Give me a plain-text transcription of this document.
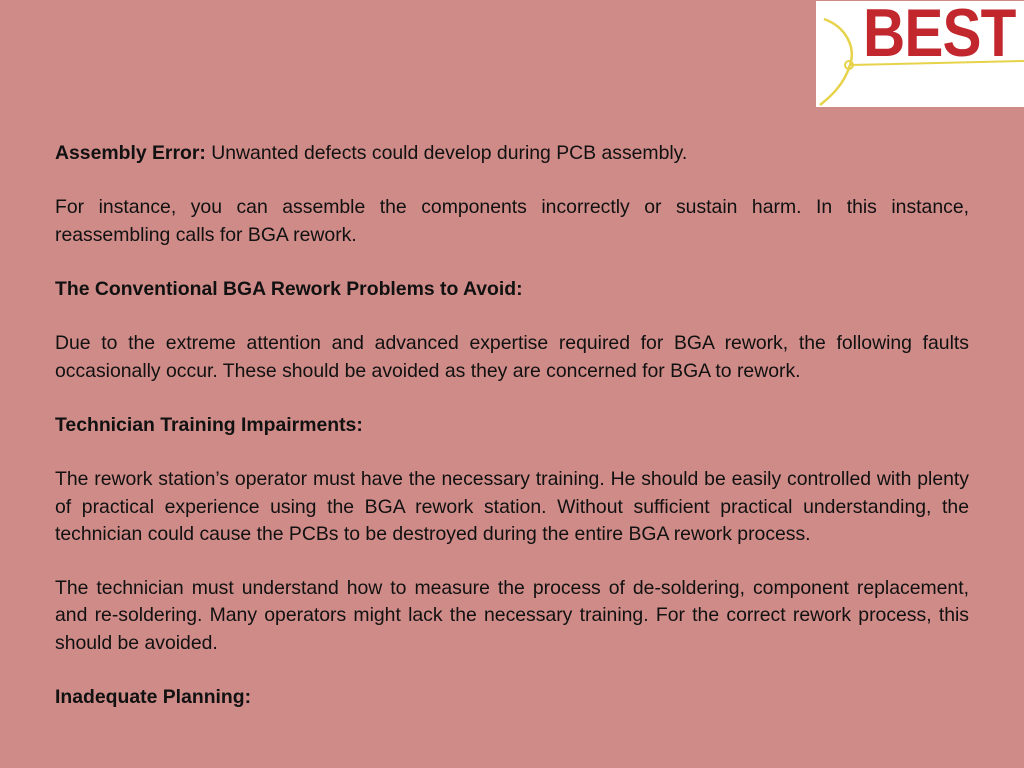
BEST

Assembly Error: Unwanted defects could develop during PCB assembly.

For instance, you can assemble the components incorrectly or sustain harm. In this instance, reassembling calls for BGA rework.

The Conventional BGA Rework Problems to Avoid:

Due to the extreme attention and advanced expertise required for BGA rework, the following faults occasionally occur. These should be avoided as they are concerned for BGA to rework.

Technician Training Impairments:

The rework station’s operator must have the necessary training. He should be easily controlled with plenty of practical experience using the BGA rework station. Without sufficient practical understanding, the technician could cause the PCBs to be destroyed during the entire BGA rework process.

The technician must understand how to measure the process of de-soldering, component replacement, and re-soldering. Many operators might lack the necessary training. For the correct rework process, this should be avoided.

Inadequate Planning:
